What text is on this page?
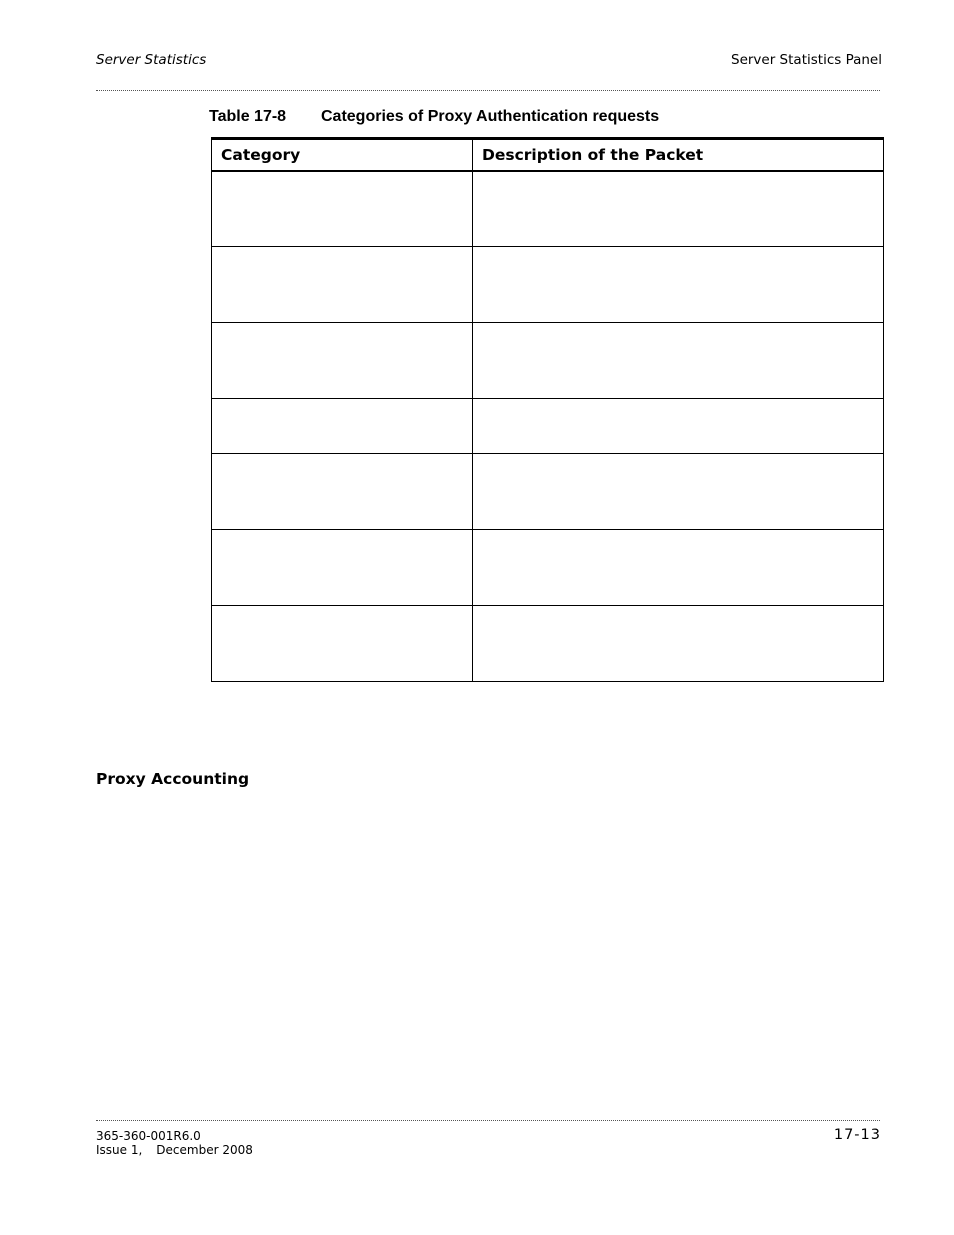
Server Statistics	Server Statistics Panel
Table 17-8 Categories of Proxy Authentication requests
Category	Description of the Packet

Proxy Accounting
365-360-001R6.0
Issue 1, December 2008
17-13
